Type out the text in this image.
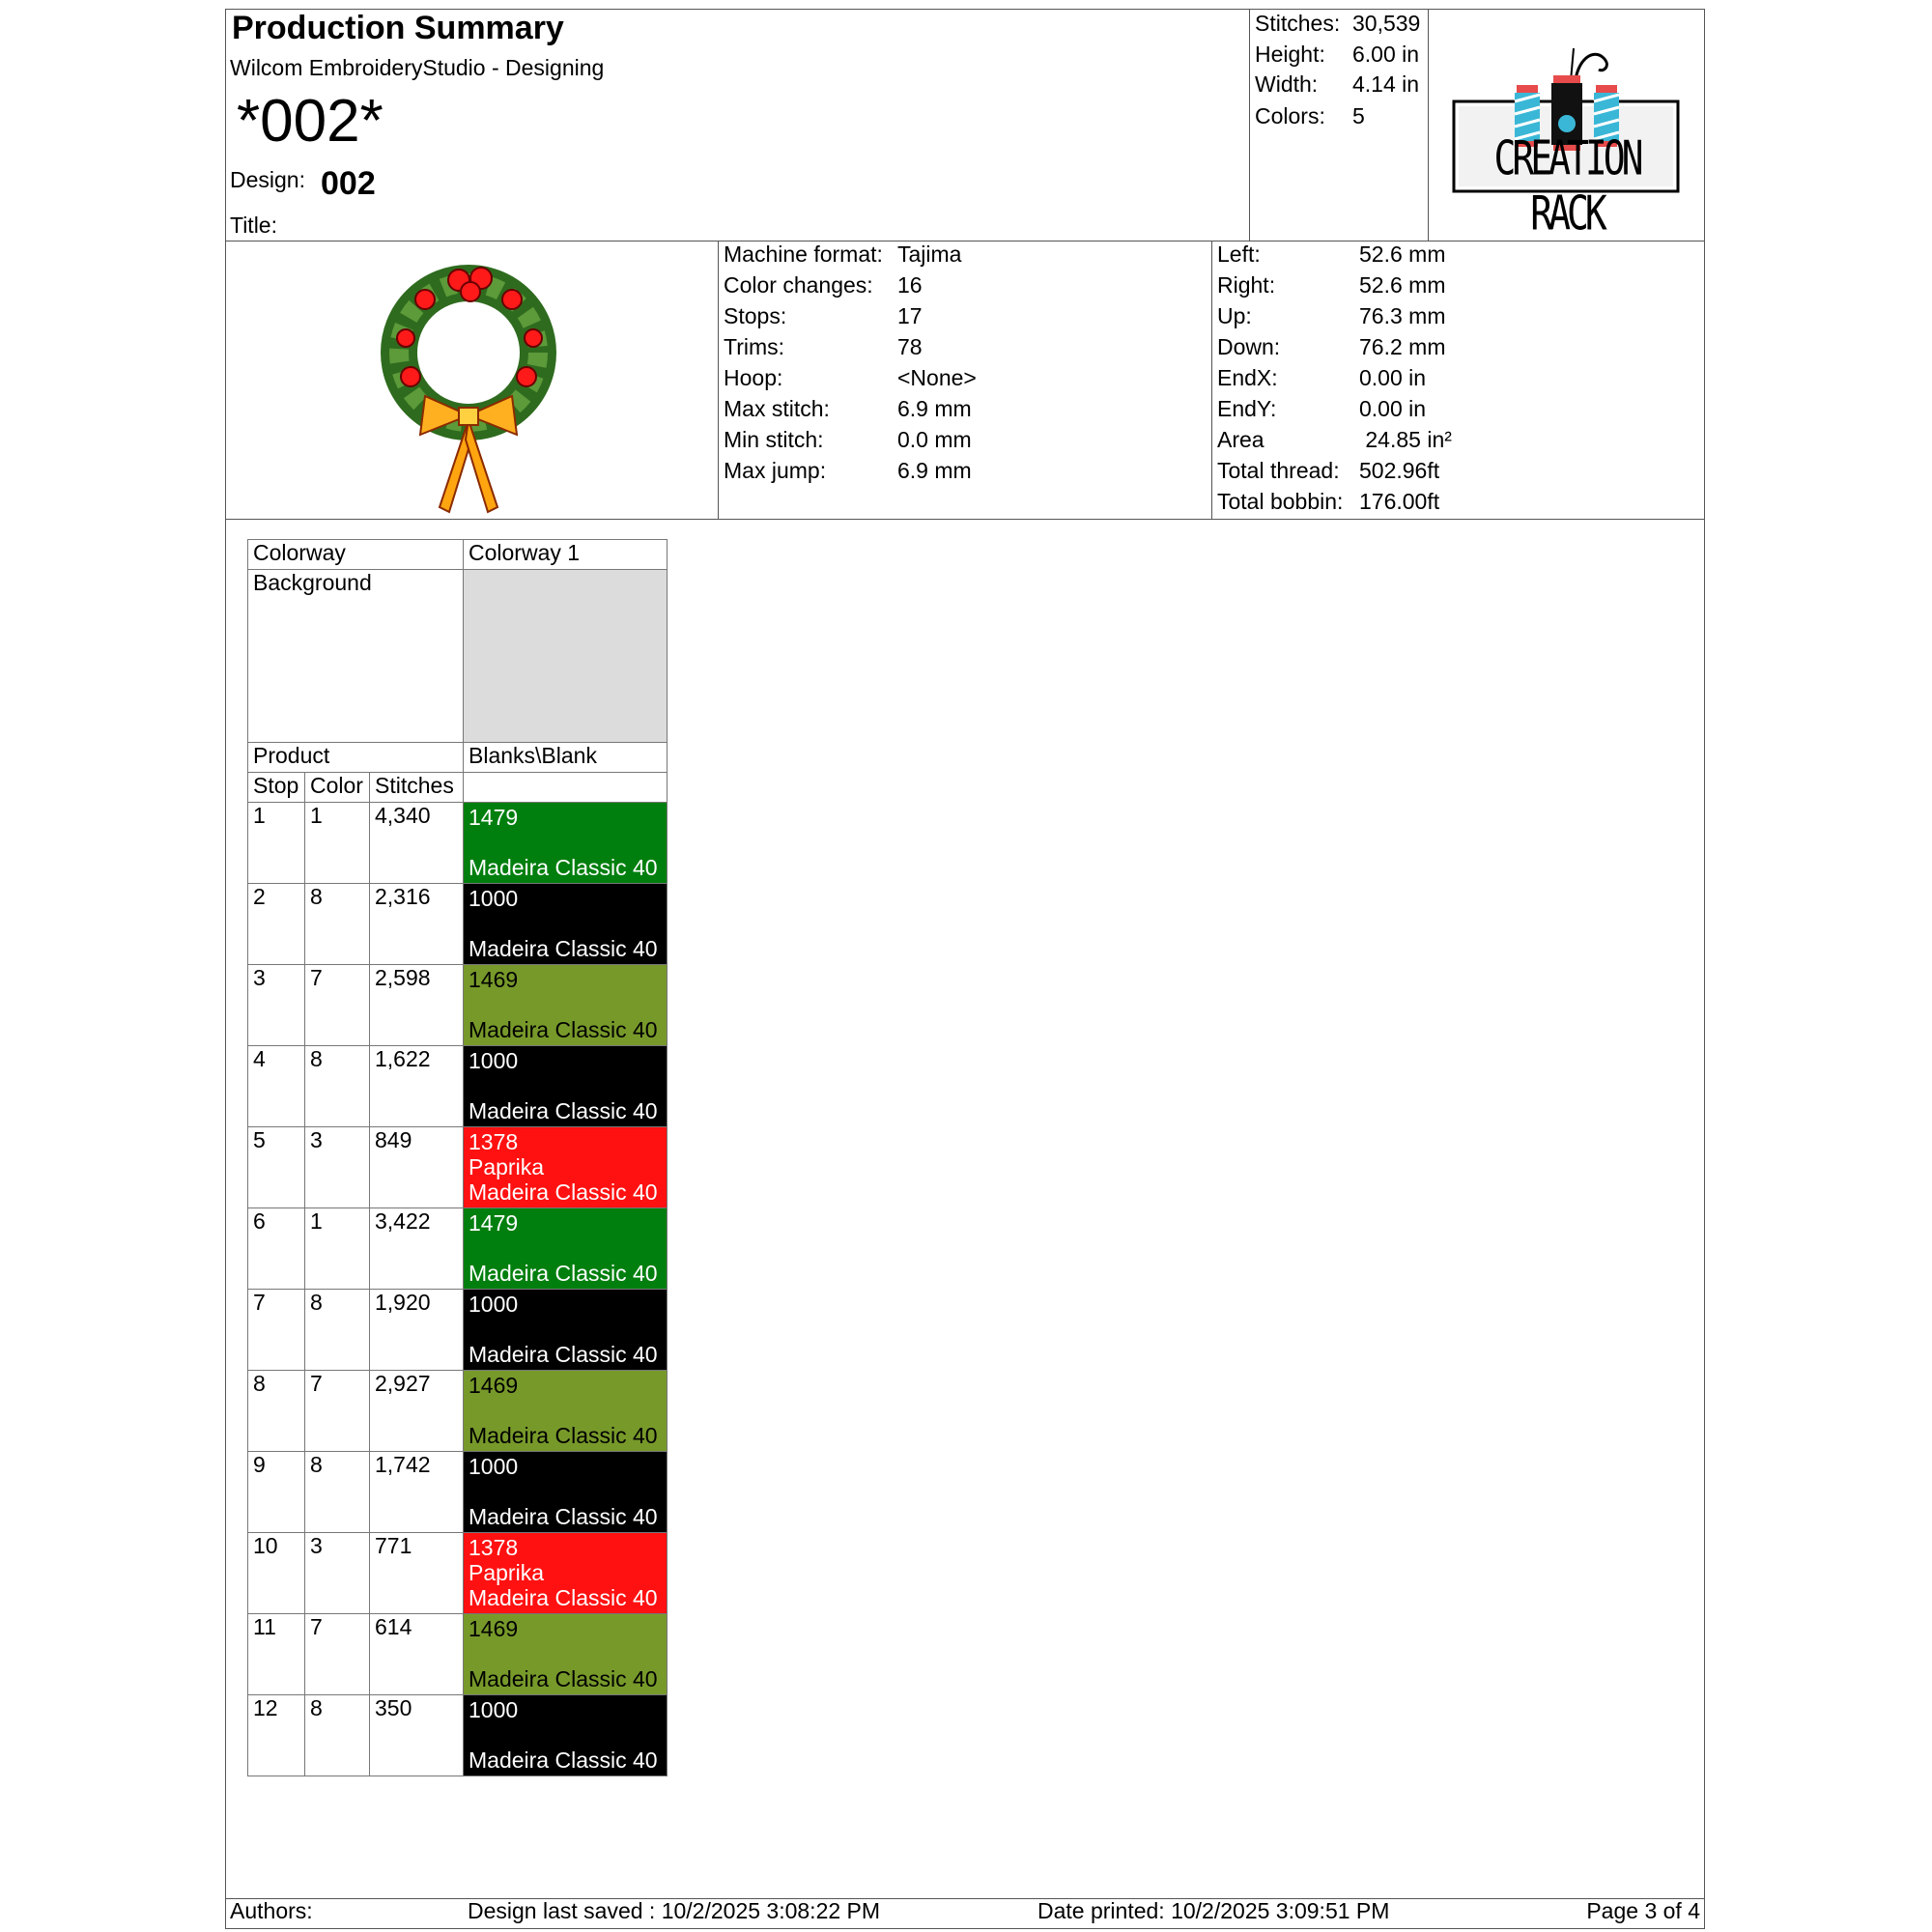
Production Summary
Wilcom EmbroideryStudio - Designing
*002*
Design: 002
Title:
Stitches: 30,539
Height: 6.00 in
Width: 4.14 in
Colors: 5
CREATION RACK
Machine format: Tajima
Color changes: 16
Stops:	17
Trims:	78
Hoop:	<None>
Max stitch:	6.9 mm
Min stitch:	0.0 mm
Max jump:	6.9 mm
Left:	52.6 mm
Right:	52.6 mm
Up:	76.3 mm
Down:	76.2 mm
EndX:	0.00 in
EndY:	0.00 in
Area	24.85 in²
Total thread: 502.96ft
Total bobbin: 176.00ft
Colorway			Colorway 1
Background			
Product			Blanks\Blank
Stop	Color	Stitches	
1	1	4,340	1479
Madeira Classic 40

2	8	2,316	1000
Madeira Classic 40

3	7	2,598	1469
Madeira Classic 40

4	8	1,622	1000
Madeira Classic 40

5	3	849	1378
Paprika
Madeira Classic 40

6	1	3,422	1479
Madeira Classic 40

7	8	1,920	1000
Madeira Classic 40

8	7	2,927	1469
Madeira Classic 40

9	8	1,742	1000
Madeira Classic 40

10	3	771	1378
Paprika
Madeira Classic 40

11	7	614	1469
Madeira Classic 40

12	8	350	1000
Madeira Classic 40
Authors:	Design last saved : 10/2/2025 3:08:22 PM	Date printed: 10/2/2025 3:09:51 PM	Page 3 of 4
